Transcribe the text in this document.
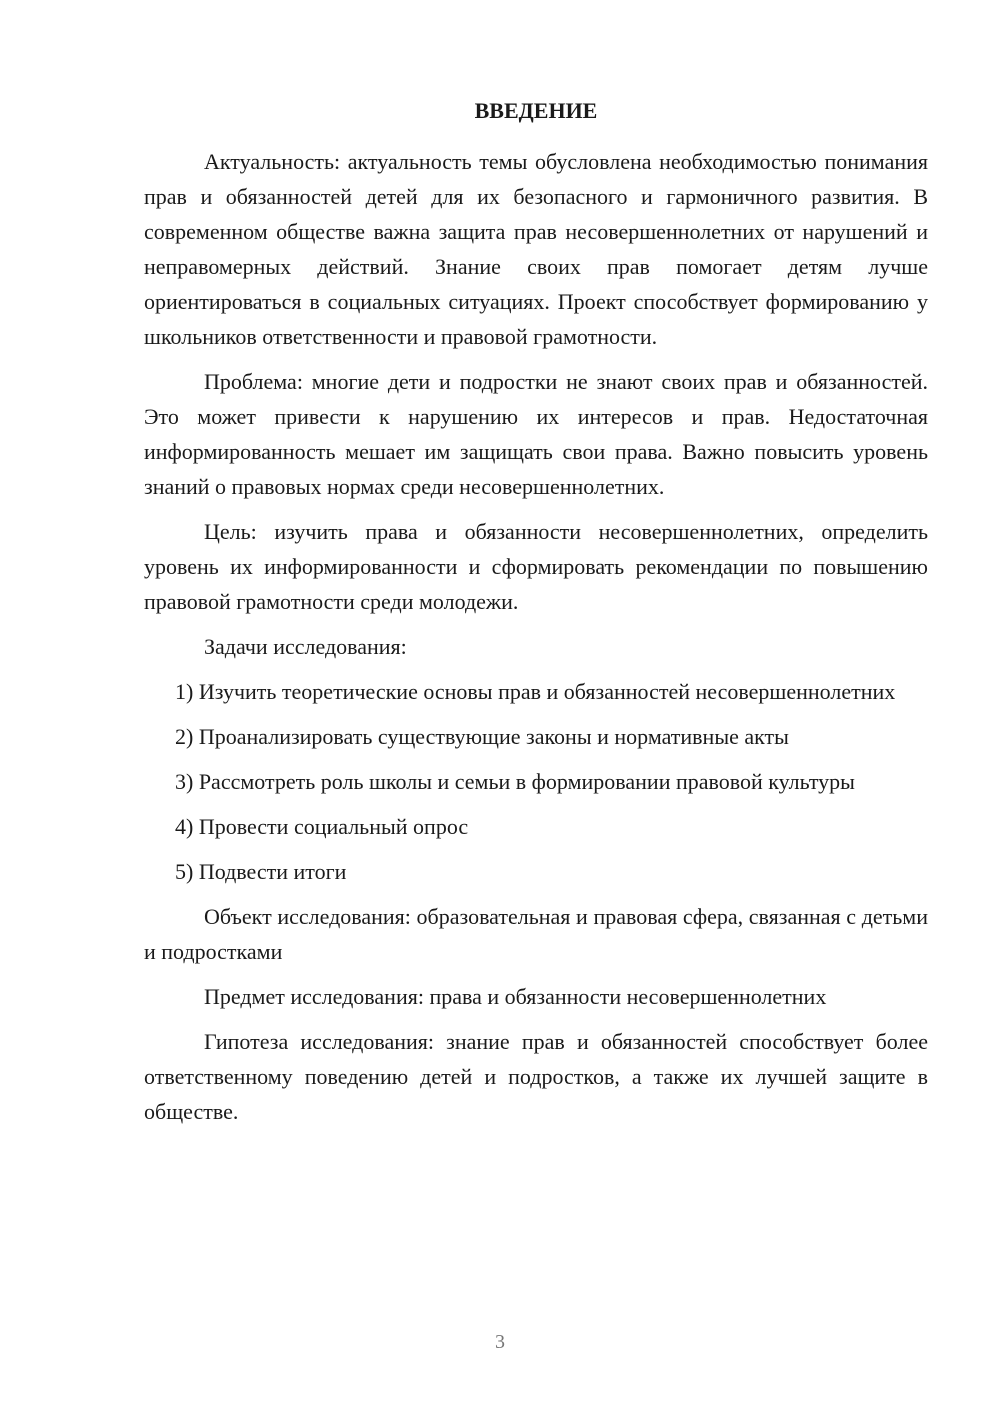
ВВЕДЕНИЕ

Актуальность: актуальность темы обусловлена необходимостью понимания прав и обязанностей детей для их безопасного и гармоничного развития. В современном обществе важна защита прав несовершеннолетних от нарушений и неправомерных действий. Знание своих прав помогает детям лучше ориентироваться в социальных ситуациях. Проект способствует формированию у школьников ответственности и правовой грамотности.

Проблема: многие дети и подростки не знают своих прав и обязанностей. Это может привести к нарушению их интересов и прав. Недостаточная информированность мешает им защищать свои права. Важно повысить уровень знаний о правовых нормах среди несовершеннолетних.

Цель: изучить права и обязанности несовершеннолетних, определить уровень их информированности и сформировать рекомендации по повышению правовой грамотности среди молодежи.

Задачи исследования:

1) Изучить теоретические основы прав и обязанностей несовершеннолетних

2) Проанализировать существующие законы и нормативные акты

3) Рассмотреть роль школы и семьи в формировании правовой культуры

4) Провести социальный опрос

5) Подвести итоги

Объект исследования: образовательная и правовая сфера, связанная с детьми и подростками

Предмет исследования: права и обязанности несовершеннолетних

Гипотеза исследования: знание прав и обязанностей способствует более ответственному поведению детей и подростков, а также их лучшей защите в обществе.

3
